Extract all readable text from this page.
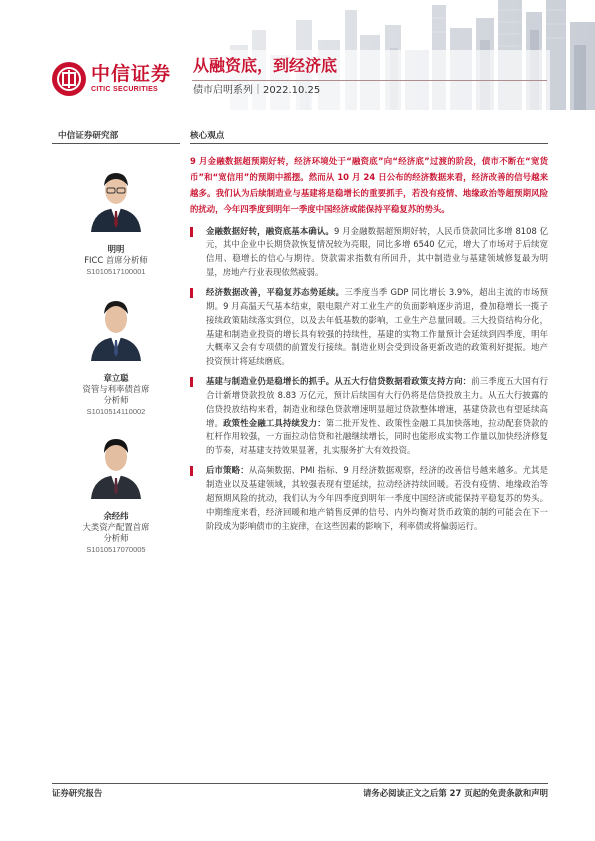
中信证券
CITIC SECURITIES
从融资底，到经济底
债市启明系列｜2022.10.25
中信证券研究部
明明
FICC 首席分析师
S1010517100001
章立聪
资管与利率债首席
分析师
S1010514110002
余经纬
大类资产配置首席
分析师
S1010517070005
核心观点
9 月金融数据超预期好转，经济环境处于“融资底”向“经济底”过渡的阶段，债市不断在“宽货币”和“宽信用”的预期中摇摆。然而从 10 月 24 日公布的经济数据来看，经济改善的信号越来越多。我们认为后续制造业与基建将是稳增长的重要抓手，若没有疫情、地缘政治等超预期风险的扰动，今年四季度到明年一季度中国经济或能保持平稳复苏的势头。
金融数据好转，融资底基本确认。9 月金融数据超预期好转，人民币贷款同比多增 8108 亿元，其中企业中长期贷款恢复情况较为亮眼，同比多增 6540 亿元，增大了市场对于后续宽信用、稳增长的信心与期待。贷款需求指数有所回升，其中制造业与基建领域修复最为明显，房地产行业表现依然疲弱。
经济数据改善，平稳复苏态势延续。三季度当季 GDP 同比增长 3.9%，超出主流的市场预期。9 月高温天气基本结束，限电限产对工业生产的负面影响逐步消退，叠加稳增长一揽子接续政策陆续落实到位，以及去年低基数的影响，工业生产总量回暖。三大投资结构分化，基建和制造业投资的增长具有较强的持续性，基建的实物工作量预计会延续到四季度，明年大概率又会有专项债的前置发行接续。制造业则会受到设备更新改造的政策利好提振。地产投资预计将延续磨底。
基建与制造业仍是稳增长的抓手。从五大行信贷数据看政策支持方向：前三季度五大国有行合计新增贷款投放 8.83 万亿元，预计后续国有大行仍将是信贷投放主力。从五大行披露的信贷投放结构来看，制造业和绿色贷款增速明显超过贷款整体增速，基建贷款也有望延续高增。政策性金融工具持续发力：第二批开发性、政策性金融工具加快落地，拉动配套贷款的杠杆作用较强，一方面拉动信贷和社融继续增长，同时也能形成实物工作量以加快经济修复的节奏，对基建支持效果显著，扎实服务扩大有效投资。
后市策略：从高频数据、PMI 指标、9 月经济数据观察，经济的改善信号越来越多。尤其是制造业以及基建领域，其较强表现有望延续，拉动经济持续回暖。若没有疫情、地缘政治等超预期风险的扰动，我们认为今年四季度到明年一季度中国经济或能保持平稳复苏的势头。中期维度来看，经济回暖和地产销售反弹的信号、内外均衡对货币政策的制约可能会在下一阶段成为影响债市的主旋律，在这些因素的影响下，利率债或将偏弱运行。
证券研究报告	请务必阅读正文之后第 27 页起的免责条款和声明
